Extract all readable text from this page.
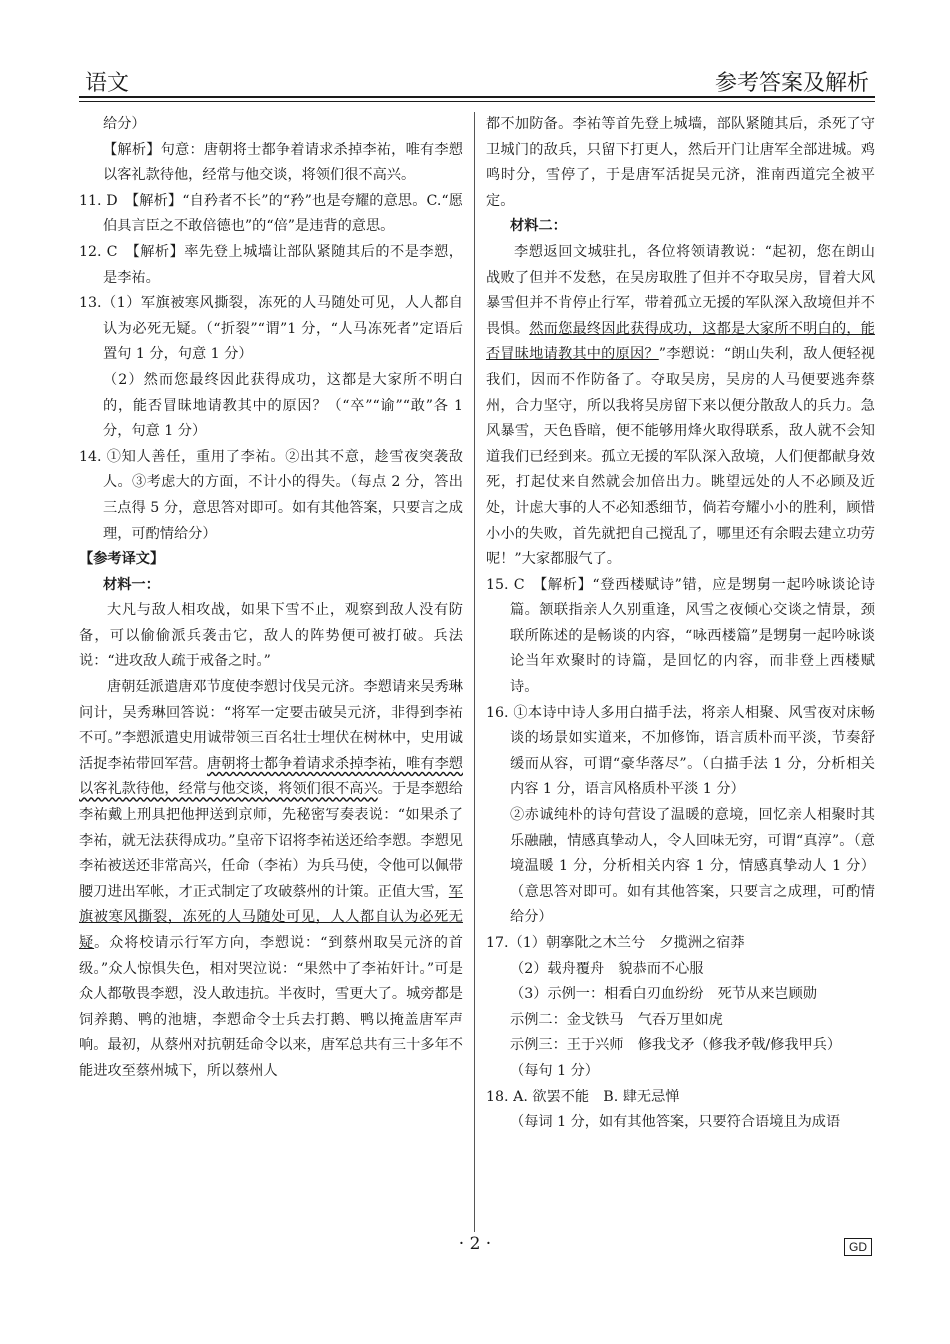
语文	参考答案及解析

给分）

【解析】句意：唐朝将士都争着请求杀掉李祐，唯有李愬以客礼款待他，经常与他交谈，将领们很不高兴。

11. D　【解析】“自矜者不长”的“矜”也是夸耀的意思。C.“愿伯具言臣之不敢倍德也”的“倍”是违背的意思。

12. C　【解析】率先登上城墙让部队紧随其后的不是李愬，是李祐。

13.（1）军旗被寒风撕裂，冻死的人马随处可见，人人都自认为必死无疑。（“折裂”“谓”1 分，“人马冻死者”定语后置句 1 分，句意 1 分）

（2）然而您最终因此获得成功，这都是大家所不明白的，能否冒昧地请教其中的原因？（“卒”“谕”“敢”各 1 分，句意 1 分）

14. ①知人善任，重用了李祐。②出其不意，趁雪夜突袭敌人。③考虑大的方面，不计小的得失。（每点 2 分，答出三点得 5 分，意思答对即可。如有其他答案，只要言之成理，可酌情给分）

【参考译文】

材料一：

大凡与敌人相攻战，如果下雪不止，观察到敌人没有防备，可以偷偷派兵袭击它，敌人的阵势便可被打破。兵法说：“进攻敌人疏于戒备之时。”

唐朝廷派遣唐邓节度使李愬讨伐吴元济。李愬请来吴秀琳问计，吴秀琳回答说：“将军一定要击破吴元济，非得到李祐不可。”李愬派遣史用诚带领三百名壮士埋伏在树林中，史用诚活捉李祐带回军营。唐朝将士都争着请求杀掉李祐，唯有李愬以客礼款待他，经常与他交谈，将领们很不高兴。于是李愬给李祐戴上刑具把他押送到京师，先秘密写奏表说：“如果杀了李祐，就无法获得成功。”皇帝下诏将李祐送还给李愬。李愬见李祐被送还非常高兴，任命（李祐）为兵马使，令他可以佩带腰刀进出军帐，才正式制定了攻破蔡州的计策。正值大雪，军旗被寒风撕裂，冻死的人马随处可见，人人都自认为必死无疑。众将校请示行军方向，李愬说：“到蔡州取吴元济的首级。”众人惊惧失色，相对哭泣说：“果然中了李祐奸计。”可是众人都敬畏李愬，没人敢违抗。半夜时，雪更大了。城旁都是饲养鹅、鸭的池塘，李愬命令士兵去打鹅、鸭以掩盖唐军声响。最初，从蔡州对抗朝廷命令以来，唐军总共有三十多年不能进攻至蔡州城下，所以蔡州人

都不加防备。李祐等首先登上城墙，部队紧随其后，杀死了守卫城门的敌兵，只留下打更人，然后开门让唐军全部进城。鸡鸣时分，雪停了，于是唐军活捉吴元济，淮南西道完全被平定。

材料二：

李愬返回文城驻扎，各位将领请教说：“起初，您在朗山战败了但并不发愁，在吴房取胜了但并不夺取吴房，冒着大风暴雪但并不肯停止行军，带着孤立无援的军队深入敌境但并不畏惧。然而您最终因此获得成功，这都是大家所不明白的，能否冒昧地请教其中的原因？”李愬说：“朗山失利，敌人便轻视我们，因而不作防备了。夺取吴房，吴房的人马便要逃奔蔡州，合力坚守，所以我将吴房留下来以便分散敌人的兵力。急风暴雪，天色昏暗，便不能够用烽火取得联系，敌人就不会知道我们已经到来。孤立无援的军队深入敌境，人们便都献身效死，打起仗来自然就会加倍出力。眺望远处的人不必顾及近处，计虑大事的人不必知悉细节，倘若夸耀小小的胜利，顾惜小小的失败，首先就把自己搅乱了，哪里还有余暇去建立功劳呢！”大家都服气了。

15. C　【解析】“登西楼赋诗”错，应是甥舅一起吟咏谈论诗篇。颔联指亲人久别重逢，风雪之夜倾心交谈之情景，颈联所陈述的是畅谈的内容，“咏西楼篇”是甥舅一起吟咏谈论当年欢聚时的诗篇，是回忆的内容，而非登上西楼赋诗。

16. ①本诗中诗人多用白描手法，将亲人相聚、风雪夜对床畅谈的场景如实道来，不加修饰，语言质朴而平淡，节奏舒缓而从容，可谓“豪华落尽”。（白描手法 1 分，分析相关内容 1 分，语言风格质朴平淡 1 分）

②赤诚纯朴的诗句营设了温暖的意境，回忆亲人相聚时其乐融融，情感真挚动人，令人回味无穷，可谓“真淳”。（意境温暖 1 分，分析相关内容 1 分，情感真挚动人 1 分）（意思答对即可。如有其他答案，只要言之成理，可酌情给分）

17.（1）朝搴阰之木兰兮　夕揽洲之宿莽

（2）载舟覆舟　貌恭而不心服

（3）示例一：相看白刃血纷纷　死节从来岂顾勋

示例二：金戈铁马　气吞万里如虎

示例三：王于兴师　修我戈矛（修我矛戟/修我甲兵）

（每句 1 分）

18. A. 欲罢不能　B. 肆无忌惮

（每词 1 分，如有其他答案，只要符合语境且为成语

· 2 ·	GD
